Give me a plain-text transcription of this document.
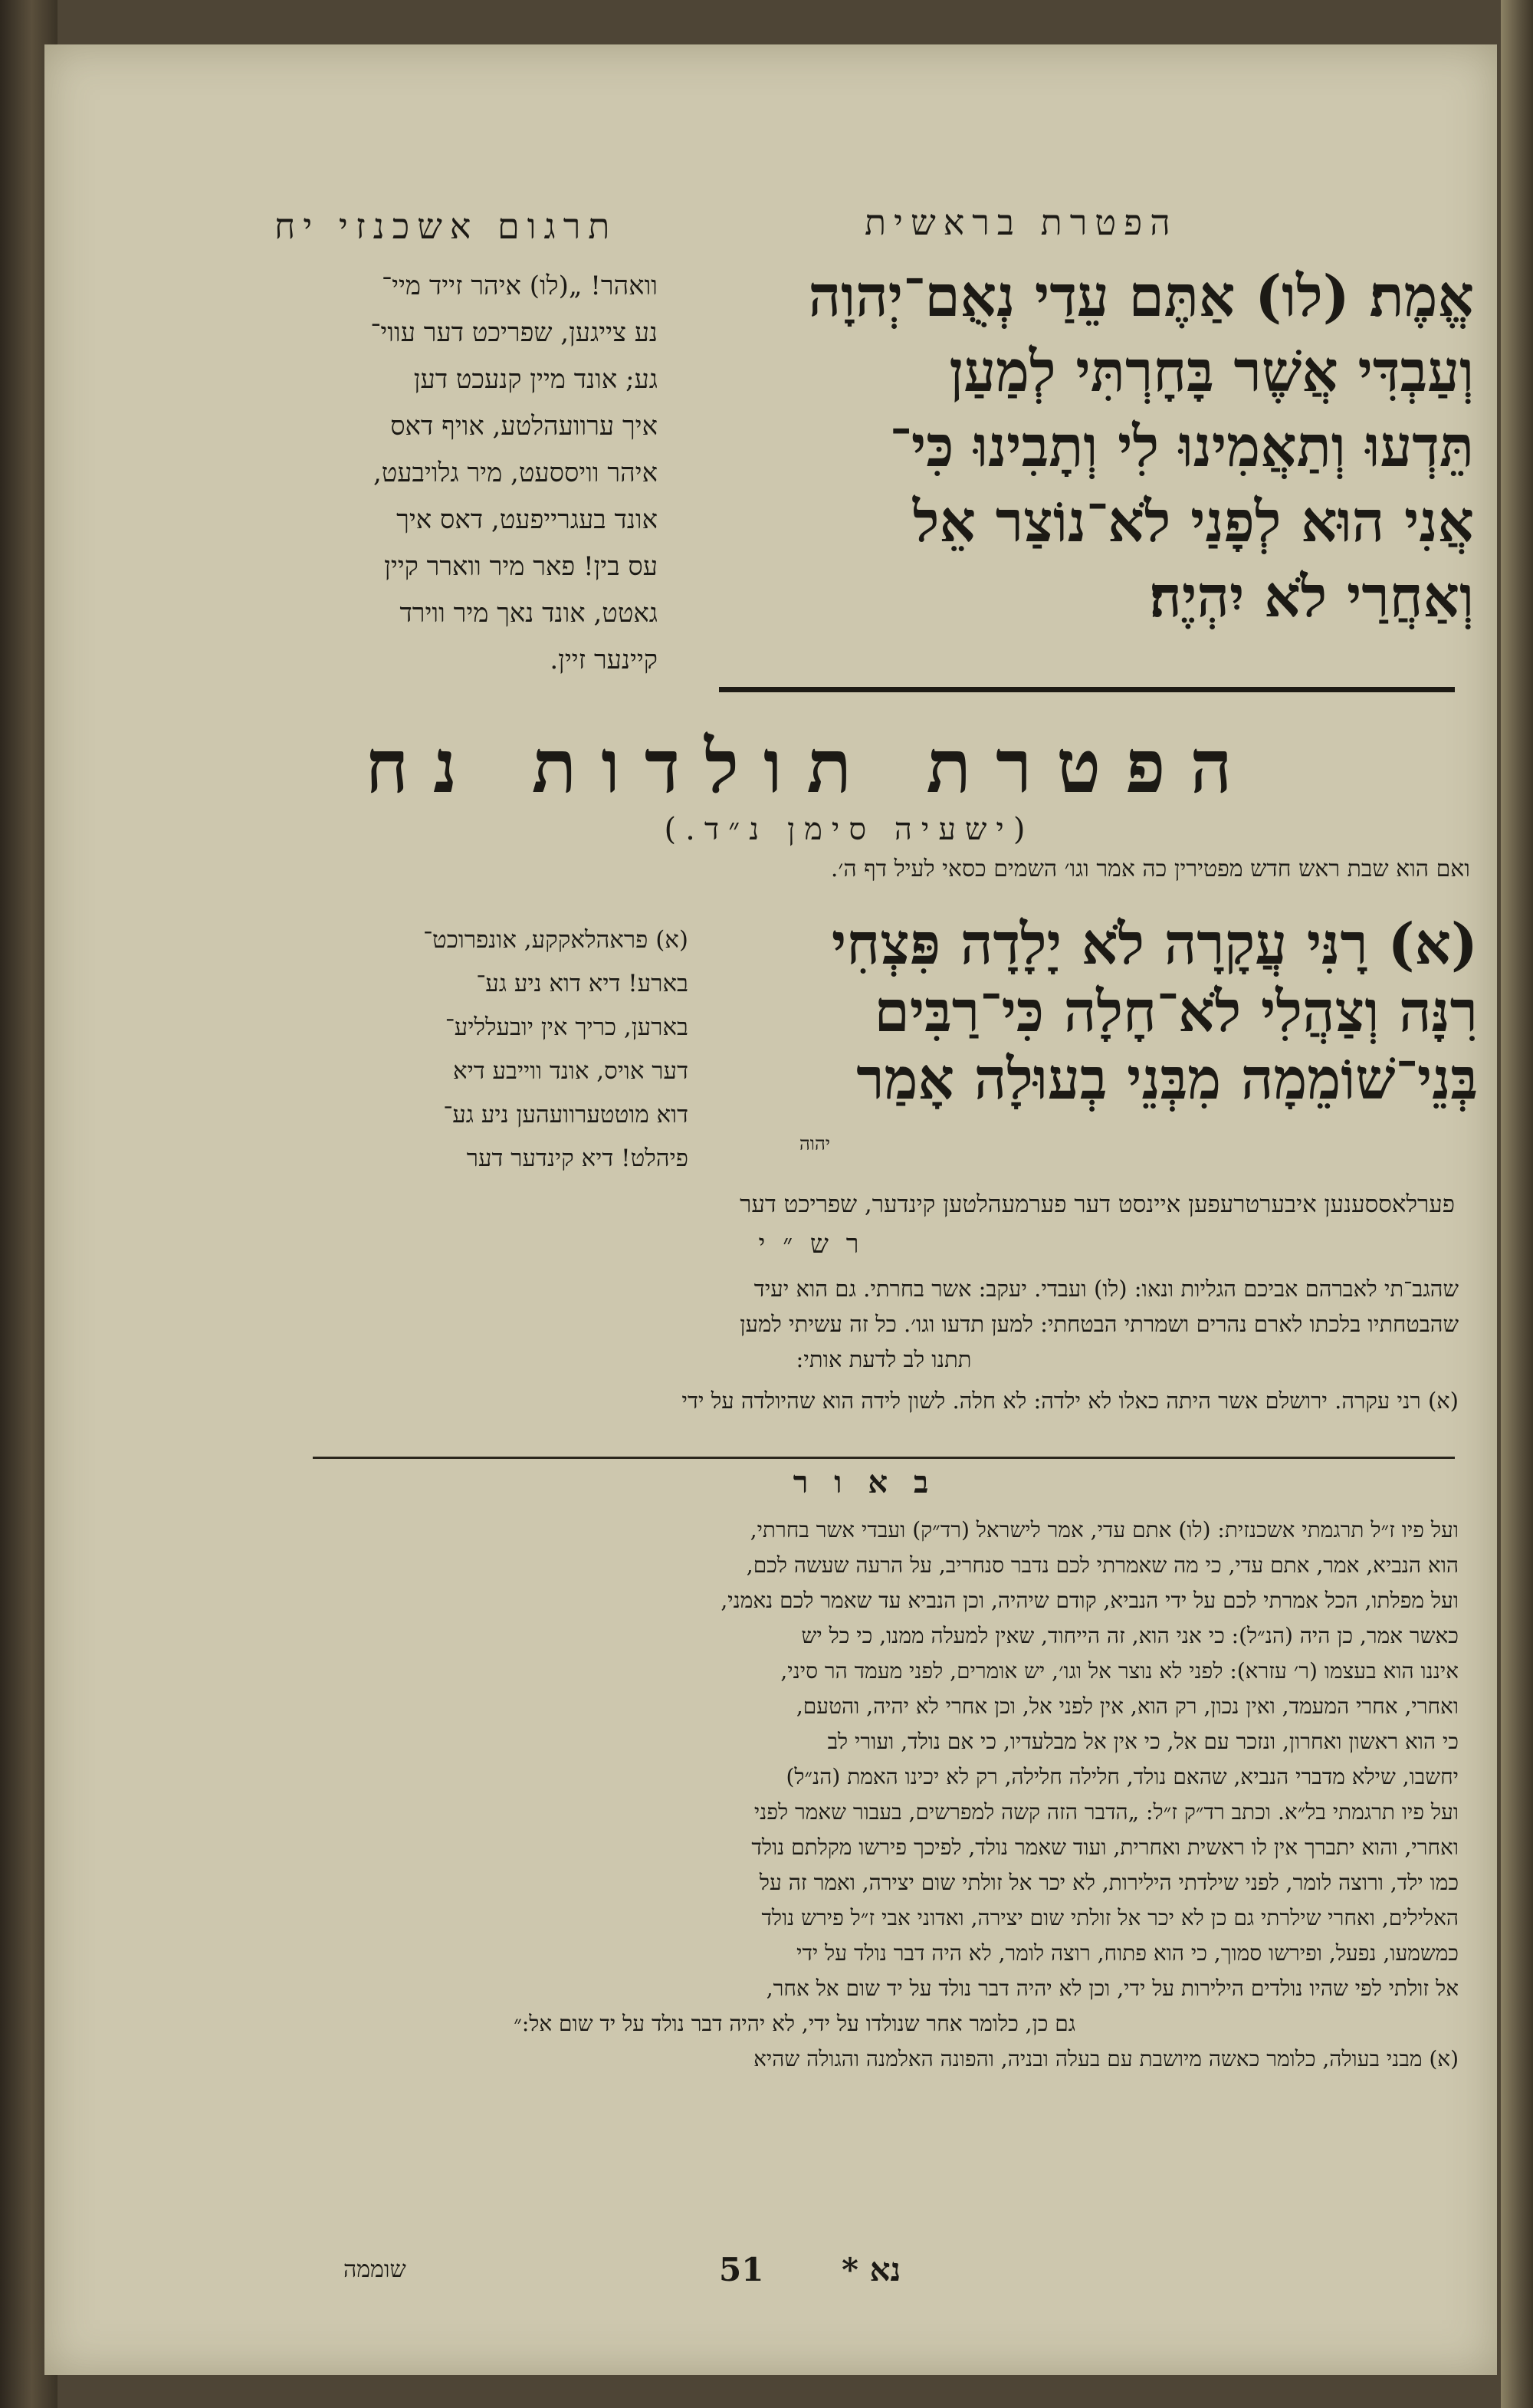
תרגום אשכנזי יח	הפטרת בראשית

אֱמֶת׃ (לו) אַתֶּם עֵדַי נְאֻם־יְהוָה

וְעַבְדִּי אֲשֶׁר בָּחָרְתִּי לְמַעַן

תֵּדְעוּ וְתַאֲמִינוּ לִי וְתָבִינוּ כִּי־

אֲנִי הוּא לְפָנַי לֹא־נוֹצַר אֵל

וְאַחֲרַי לֹא יִהְיֶה׃

וואהר! „(לו) איהר זייד מיי־

נע צייגען, שפריכט דער עווי־

גע; אונד מיין קנעכט דען

איך ערוועהלטע, אויף דאס

איהר וויססעט, מיר גלויבעט,

אונד בעגרייפעט, דאס איך

עס בין! פאר מיר ווארר קיין

גאטט, אונד נאך מיר ווירד

קיינער זיין.

הפטרת תולדות נח
(ישעיה סימן נ״ד.)
ואם הוא שבת ראש חדש מפטירין כה אמר וגו׳ השמים כסאי לעיל דף ה׳.

(א) רָנִּי עֲקָרָה לֹא יָלָדָה פִּצְחִי

רִנָּה וְצַהֲלִי לֹא־חָלָה כִּי־רַבִּים

בְּנֵי־שׁוֹמֵמָה מִבְּנֵי בְעוּלָה אָמַר

יהוה

(א) פראהלאקקע, אונפרוכט־

בארע! דיא דוא ניע גע־

בארען, כריך אין יובעלליע־

דער אויס, אונד ווייבע דיא

דוא מוטטערוועהען ניע גע־

פיהלט! דיא קינדער דער

פערלאססענען איבערטרעפען איינסט דער פערמעהלטען קינדער, שפריכט דער
ר ש ״ י

שהגב־תי לאברהם אביכם הגליות ונאו: (לו) ועבדי. יעקב: אשר בחרתי. גם הוא יעיד

שהבטחתיו בלכתו לארם נהרים ושמרתי הבטחתי: למען תדעו וגו׳. כל זה עשיתי למען

תתנו לב לדעת אותי:

(א) רני עקרה. ירושלם אשר היתה כאלו לא ילדה: לא חלה. לשון לידה הוא שהיולדה על ידי

ב א ו ר

ועל פיו ז״ל תרגמתי אשכנזית: (לו) אתם עדי, אמר לישראל (רד״ק) ועבדי אשר בחרתי,

הוא הנביא, אמר, אתם עדי, כי מה שאמרתי לכם נדבר סנחריב, על הרעה שעשה לכם,

ועל מפלתו, הכל אמרתי לכם על ידי הנביא, קודם שיהיה, וכן הנביא עד שאמר לכם נאמני,

כאשר אמר, כן היה (הנ״ל): כי אני הוא, זה הייחוד, שאין למעלה ממנו, כי כל יש

איננו הוא בעצמו (ר׳ עזרא): לפני לא נוצר אל וגו׳, יש אומרים, לפני מעמד הר סיני,

ואחרי, אחרי המעמד, ואין נכון, רק הוא, אין לפני אל, וכן אחרי לא יהיה, והטעם,

כי הוא ראשון ואחרון, ונזכר עם אל, כי אין אל מבלעדיו, כי אם נולד, ועורי לב

יחשבו, שילא מדברי הנביא, שהאם נולד, חלילה חלילה, רק לא יכינו האמת (הנ״ל)

ועל פיו תרגמתי בל״א. וכתב רד״ק ז״ל: „הדבר הזה קשה למפרשים, בעבור שאמר לפני

ואחרי, והוא יתברך אין לו ראשית ואחרית, ועוד שאמר נולד, לפיכך פירשו מקלתם נולד

כמו ילד, ורוצה לומר, לפני שילדתי הילירות, לא יכר אל זולתי שום יצירה, ואמר זה על

האלילים, ואחרי שילרתי גם כן לא יכר אל זולתי שום יצירה, ואדוני אבי ז״ל פירש נולד

כמשמעו, נפעל, ופירשו סמוך, כי הוא פתוח, רוצה לומר, לא היה דבר נולד על ידי

אל זולתי לפי שהיו נולדים הילירות על ידי, וכן לא יהיה דבר נולד על יד שום אל אחר,

גם כן, כלומר אחר שנולדו על ידי, לא יהיה דבר נולד על יד שום אל:״

(א) מבני בעולה, כלומר כאשה מיושבת עם בעלה ובניה, והפונה האלמנה והגולה שהיא

נא *
51
שוממה
